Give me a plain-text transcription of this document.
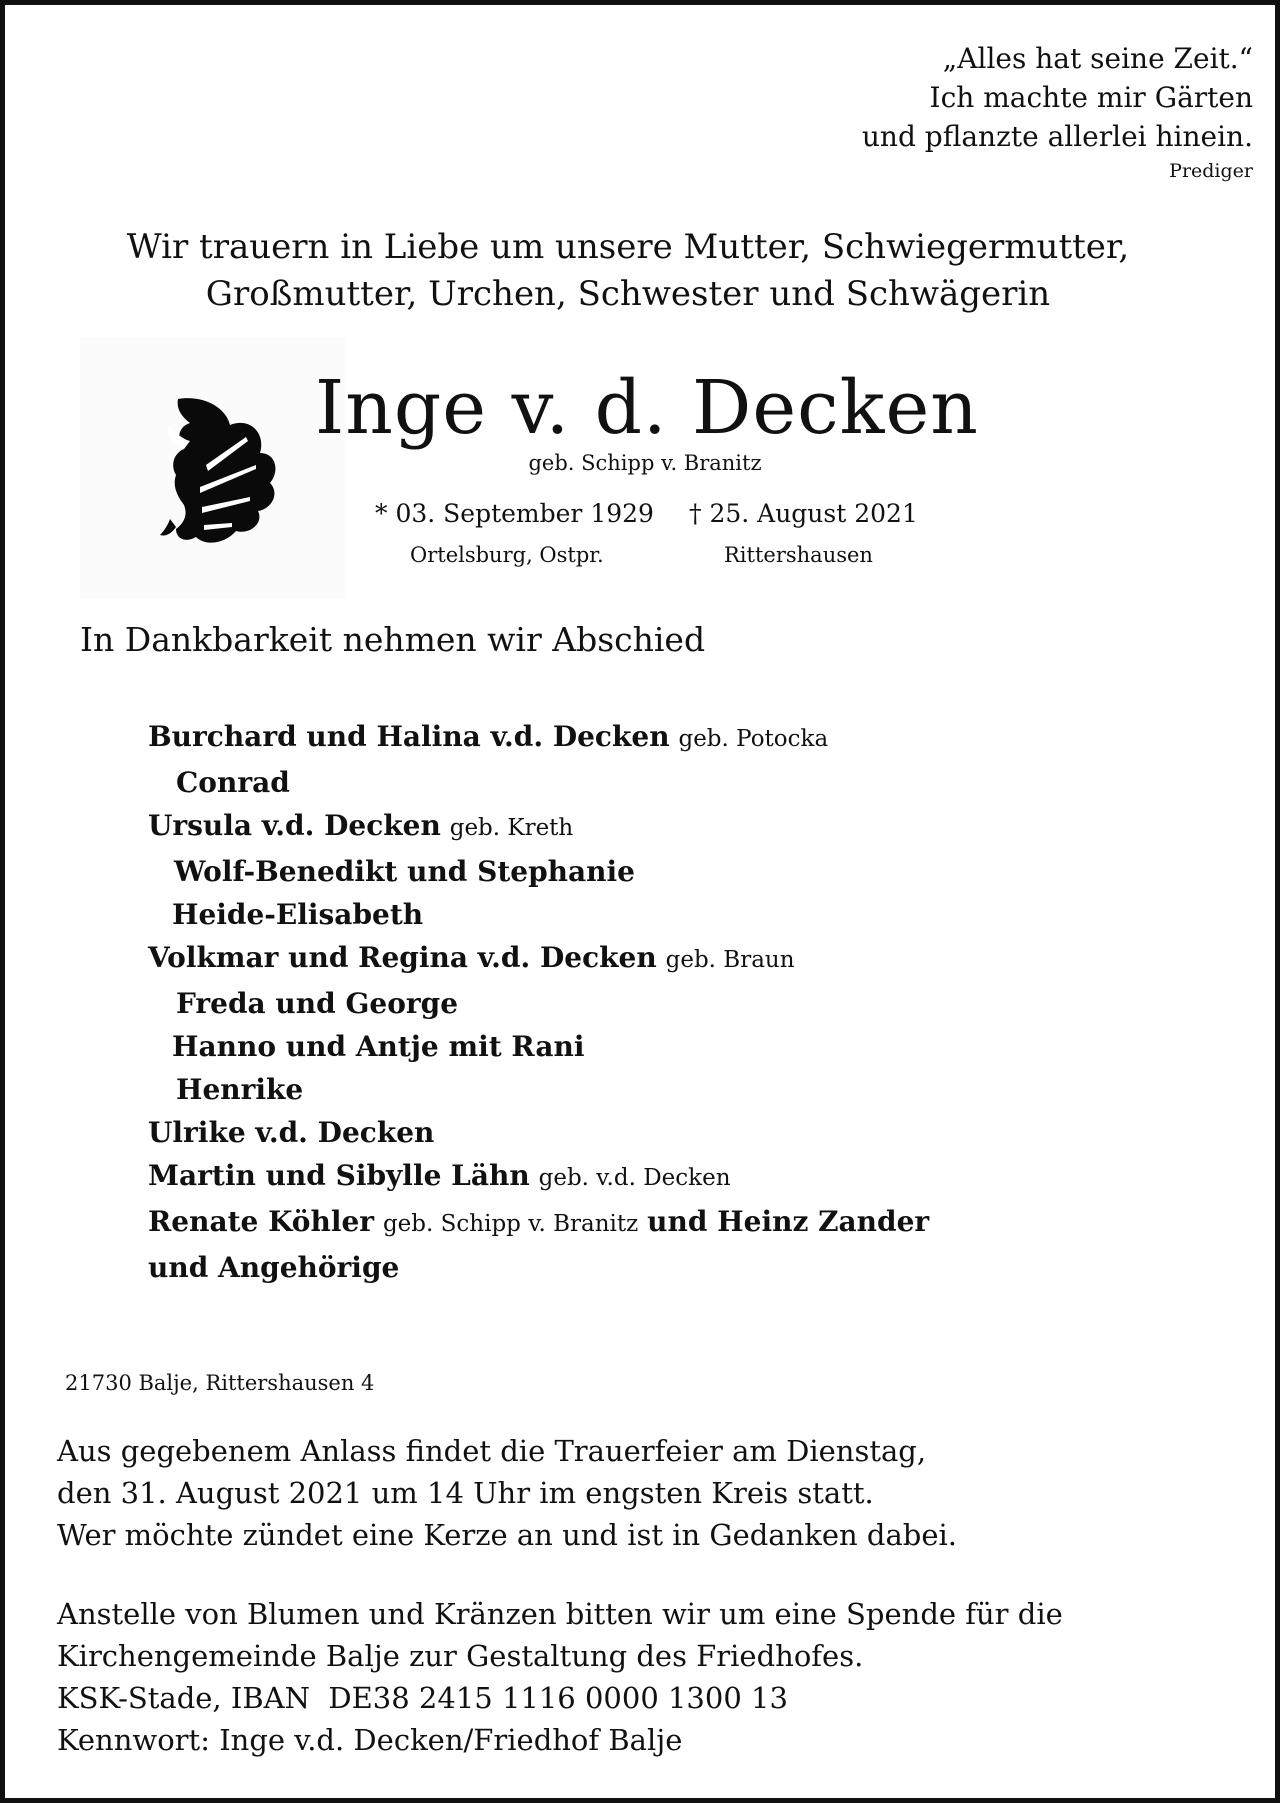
„Alles hat seine Zeit.“
Ich machte mir Gärten
und pflanzte allerlei hinein.
Prediger
Wir trauern in Liebe um unsere Mutter, Schwiegermutter,
Großmutter, Urchen, Schwester und Schwägerin
Inge v. d. Decken
geb. Schipp v. Branitz
* 03. September 1929 † 25. August 2021
Ortelsburg, Ostpr.	Rittershausen
In Dankbarkeit nehmen wir Abschied
Burchard und Halina v.d. Decken geb. Potocka
Conrad
Ursula v.d. Decken geb. Kreth
Wolf-Benedikt und Stephanie
Heide-Elisabeth
Volkmar und Regina v.d. Decken geb. Braun
Freda und George
Hanno und Antje mit Rani
Henrike
Ulrike v.d. Decken
Martin und Sibylle Lähn geb. v.d. Decken
Renate Köhler geb. Schipp v. Branitz und Heinz Zander
und Angehörige
21730 Balje, Rittershausen 4
Aus gegebenem Anlass findet die Trauerfeier am Dienstag,
den 31. August 2021 um 14 Uhr im engsten Kreis statt.
Wer möchte zündet eine Kerze an und ist in Gedanken dabei.
Anstelle von Blumen und Kränzen bitten wir um eine Spende für die
Kirchengemeinde Balje zur Gestaltung des Friedhofes.
KSK-Stade, IBAN  DE38 2415 1116 0000 1300 13
Kennwort: Inge v.d. Decken/Friedhof Balje
